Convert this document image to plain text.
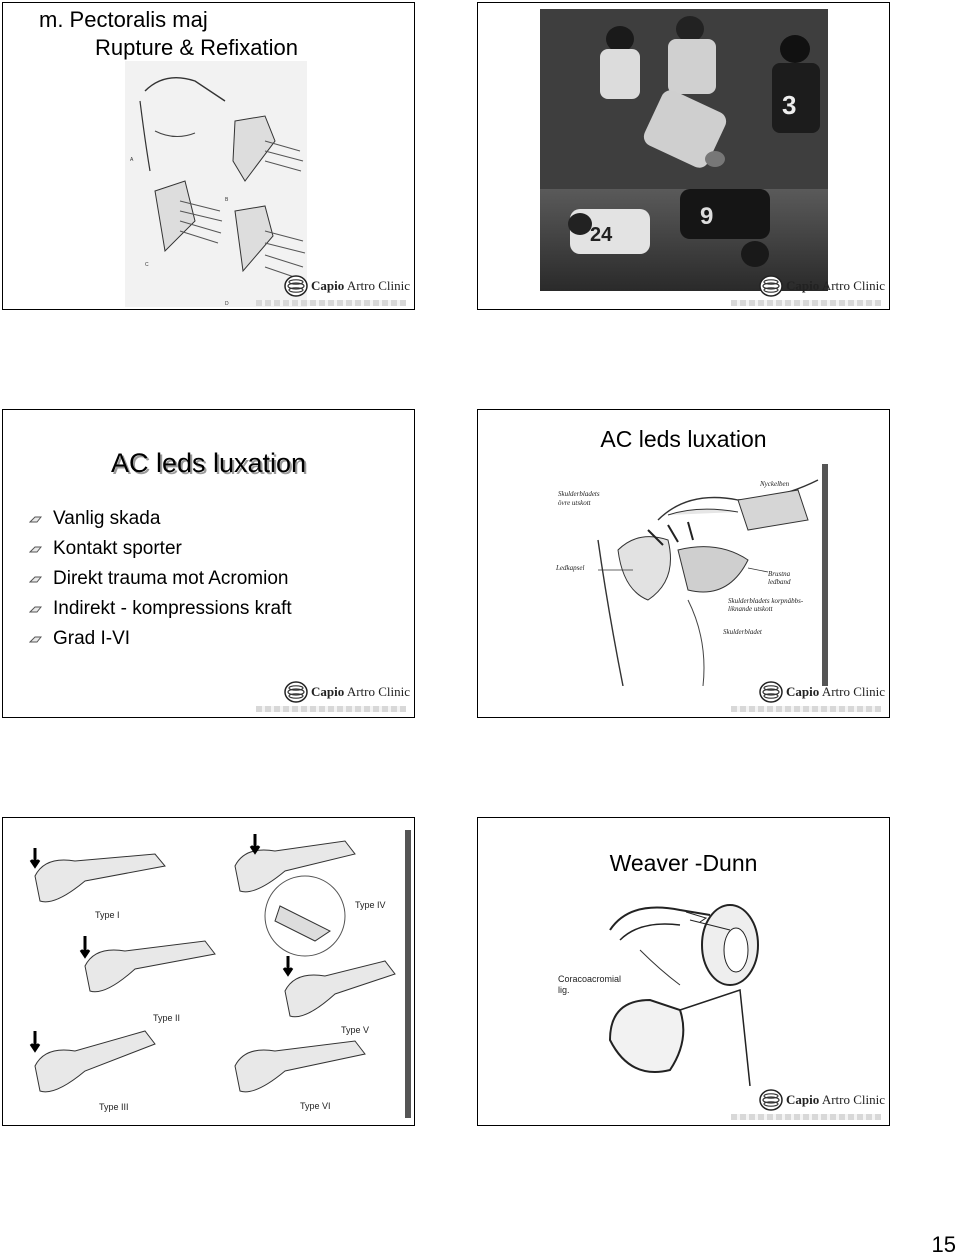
m. Pectoralis maj
Rupture & Refixation
A
B
C
D
Capio Artro Clinic
3
9
24
Capio Artro Clinic
AC leds luxation
Vanlig skada
Kontakt sporter
Direkt trauma mot Acromion
Indirekt - kompressions kraft
Grad I-VI
Capio Artro Clinic
AC leds luxation
Skulderbladets
övre utskott
Nyckelben
Ledkapsel
Brustna
ledband
Skulderbladets korpnäbbs-
liknande utskott
Skulderbladet
Capio Artro Clinic
Type I
Type II
Type III
Type IV
Type V
Type VI
Weaver -Dunn
Coracoacromial
lig.
Capio Artro Clinic
15
